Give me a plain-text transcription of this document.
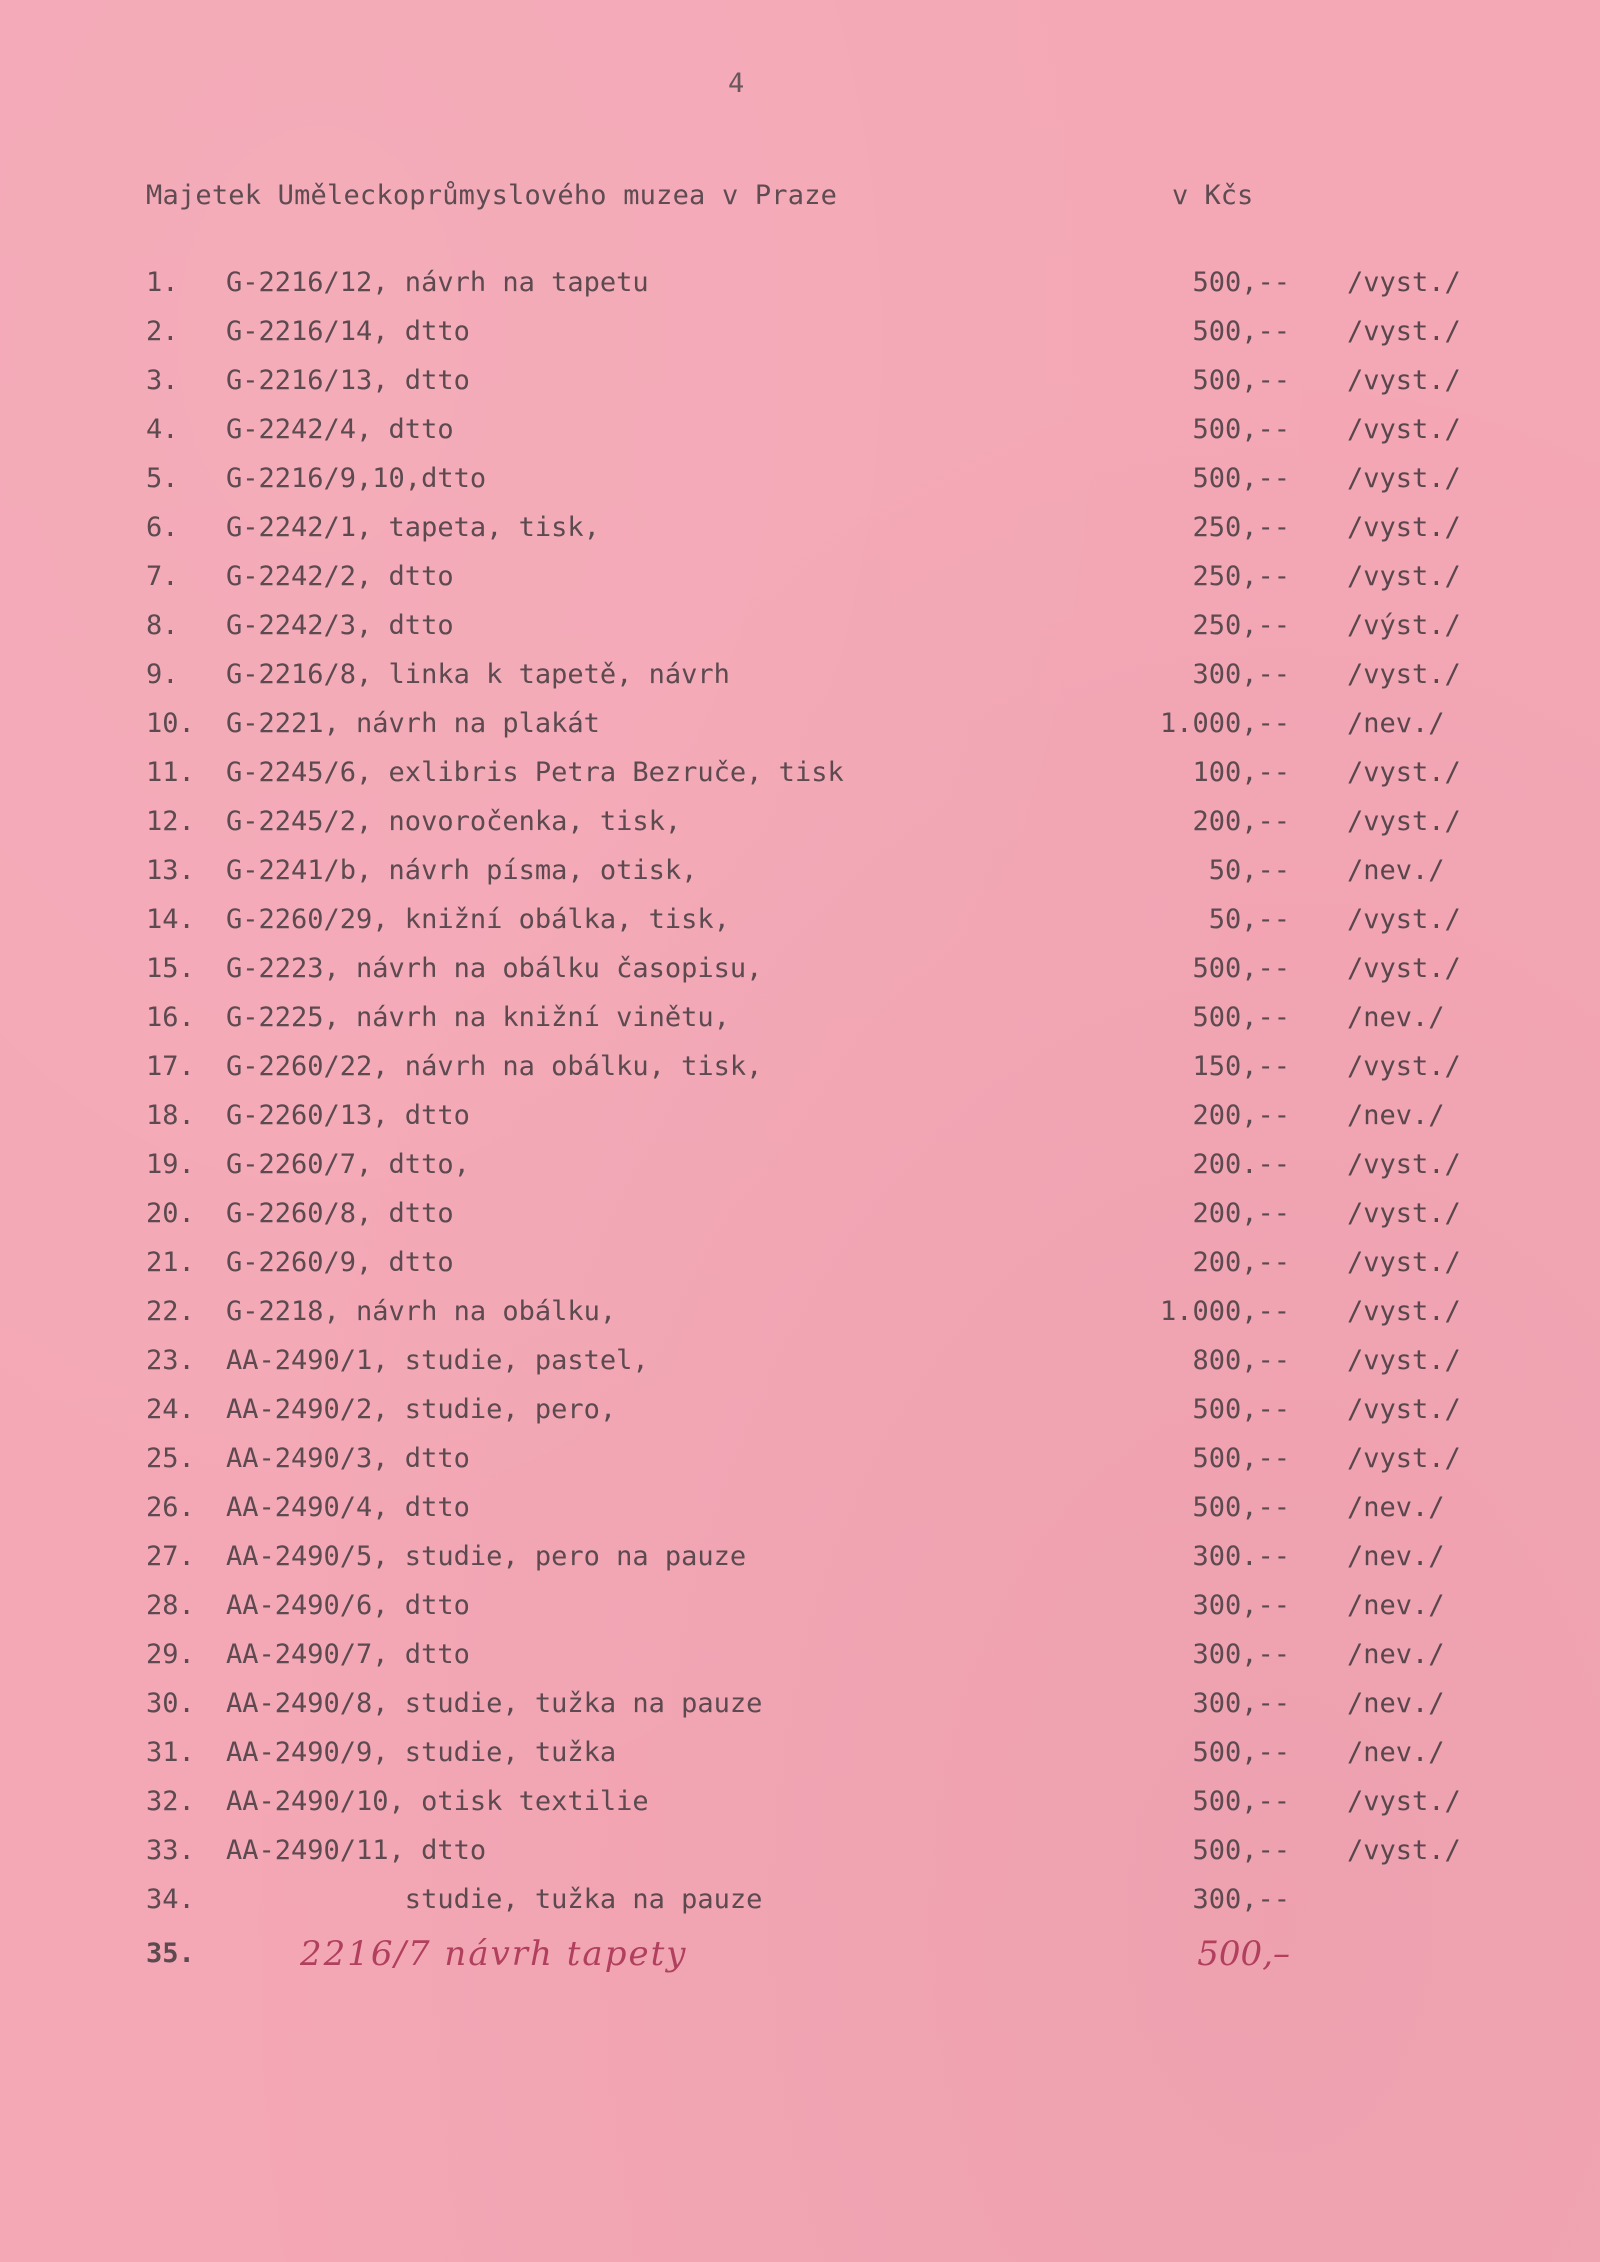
4
Majetek Uměleckoprůmyslového muzea v Praze	v Kčs
1.	G-2216/12, návrh na tapetu	500,-- /vyst./
2.	G-2216/14, dtto	500,-- /vyst./
3.	G-2216/13, dtto	500,-- /vyst./
4.	G-2242/4, dtto	500,-- /vyst./
5.	G-2216/9,10,dtto	500,-- /vyst./
6.	G-2242/1, tapeta, tisk,	250,-- /vyst./
7.	G-2242/2, dtto	250,-- /vyst./
8.	G-2242/3, dtto	250,-- /výst./
9.	G-2216/8, linka k tapetě, návrh	300,-- /vyst./
10.	G-2221, návrh na plakát	1.000,-- /nev./
11.	G-2245/6, exlibris Petra Bezruče, tisk	100,-- /vyst./
12.	G-2245/2, novoročenka, tisk,	200,-- /vyst./
13.	G-2241/b, návrh písma, otisk,	50,-- /nev./
14.	G-2260/29, knižní obálka, tisk,	50,-- /vyst./
15.	G-2223, návrh na obálku časopisu,	500,-- /vyst./
16.	G-2225, návrh na knižní vinětu,	500,-- /nev./
17.	G-2260/22, návrh na obálku, tisk,	150,-- /vyst./
18.	G-2260/13, dtto	200,-- /nev./
19.	G-2260/7, dtto,	200.-- /vyst./
20.	G-2260/8, dtto	200,-- /vyst./
21.	G-2260/9, dtto	200,-- /vyst./
22.	G-2218, návrh na obálku,	1.000,-- /vyst./
23.	AA-2490/1, studie, pastel,	800,-- /vyst./
24.	AA-2490/2, studie, pero,	500,-- /vyst./
25.	AA-2490/3, dtto	500,-- /vyst./
26.	AA-2490/4, dtto	500,-- /nev./
27.	AA-2490/5, studie, pero na pauze	300.-- /nev./
28.	AA-2490/6, dtto	300,-- /nev./
29.	AA-2490/7, dtto	300,-- /nev./
30.	AA-2490/8, studie, tužka na pauze	300,-- /nev./
31.	AA-2490/9, studie, tužka	500,-- /nev./
32.	AA-2490/10, otisk textilie	500,-- /vyst./
33.	AA-2490/11, dtto	500,-- /vyst./
34.	studie, tužka na pauze	300,--
35.	2216/7 návrh tapety	500,–
